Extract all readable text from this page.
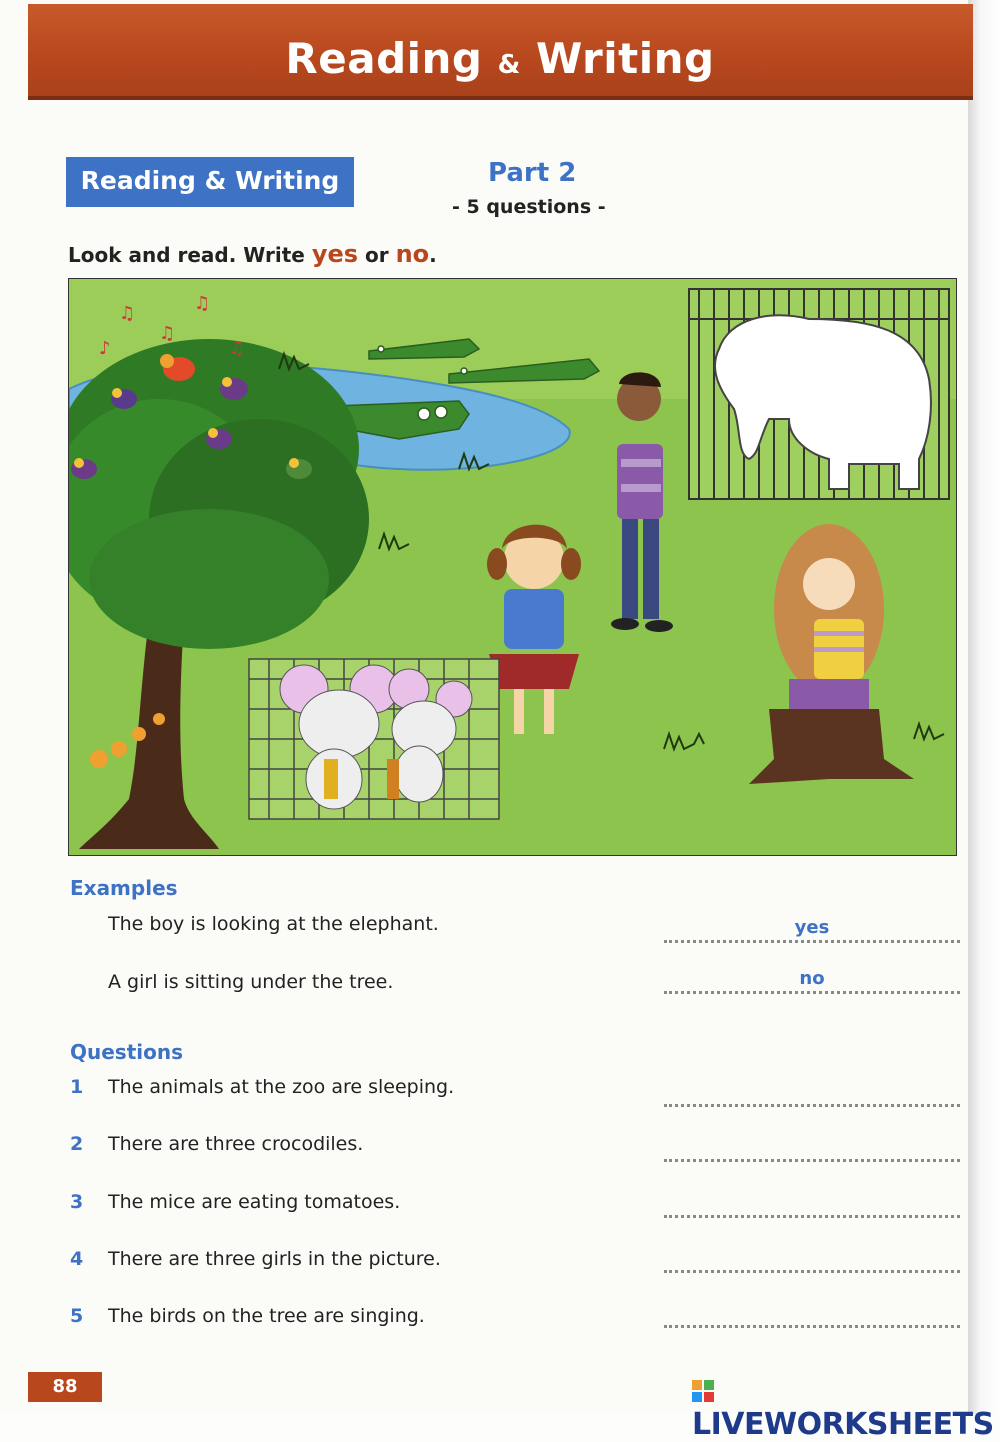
Reading & Writing
Reading & Writing	Part 2
- 5 questions -
Look and read. Write yes or no.
♫	♫
♪
♫
♫
Examples
The boy is looking at the elephant.	yes
A girl is sitting under the tree.	no
Questions
1 The animals at the zoo are sleeping.
2 There are three crocodiles.
3 The mice are eating tomatoes.
4 There are three girls in the picture.
5 The birds on the tree are singing.
88
LIVEWORKSHEETS
